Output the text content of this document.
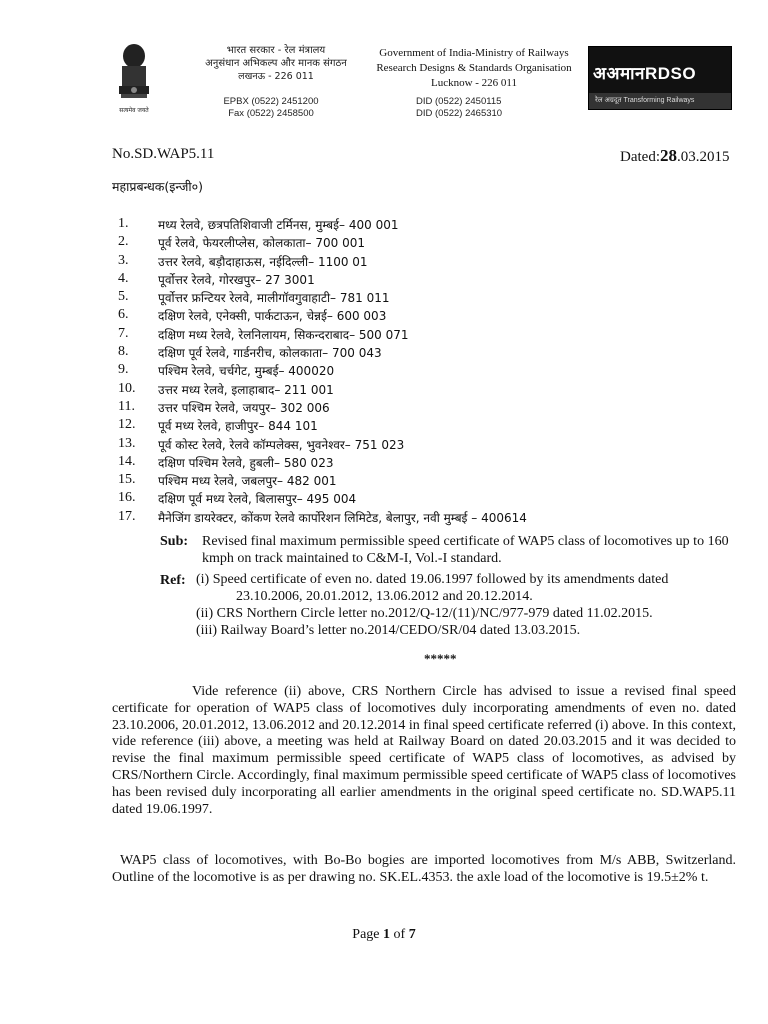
सत्यमेव जयते
भारत सरकार - रेल मंत्रालय
अनुसंधान अभिकल्प और मानक संगठन
लखनऊ - 226 011
Government of India-Ministry of Railways
Research Designs & Standards Organisation
Lucknow - 226 011
EPBX (0522) 2451200
Fax (0522) 2458500
DID (0522) 2450115
DID (0522) 2465310
अअमानRDSO
रेल अग्रदूत Transforming Railways
No.SD.WAP5.11	Dated:28.03.2015
महाप्रबन्धक(इन्जी०)
1.	मध्य रेलवे, छत्रपतिशिवाजी टर्मिनस, मुम्बई– 400 001
2.	पूर्व रेलवे, फेयरलीप्लेस, कोलकाता– 700 001
3.	उत्तर रेलवे, बड़ौदाहाऊस, नईदिल्ली– 1100 01
4.	पूर्वोत्तर रेलवे, गोरखपुर– 27 3001
5.	पूर्वोत्तर फ्रन्टियर रेलवे, मालीगॉवगुवाहाटी– 781 011
6.	दक्षिण रेलवे, एनेक्सी, पार्कटाऊन, चेन्नई– 600 003
7.	दक्षिण मध्य रेलवे, रेलनिलायम, सिकन्दराबाद– 500 071
8.	दक्षिण पूर्व रेलवे, गार्डनरीच, कोलकाता– 700 043
9.	पश्चिम रेलवे, चर्चगेट, मुम्बई– 400020
10.	उत्तर मध्य रेलवे, इलाहाबाद– 211 001
11.	उत्तर पश्चिम रेलवे, जयपुर– 302 006
12.	पूर्व मध्य रेलवे, हाजीपुर– 844 101
13.	पूर्व कोस्ट रेलवे, रेलवे कॉम्पलेक्स, भुवनेश्वर– 751 023
14.	दक्षिण पश्चिम रेलवे, हुबली– 580 023
15.	पश्चिम मध्य रेलवे, जबलपुर– 482 001
16.	दक्षिण पूर्व मध्य रेलवे, बिलासपुर– 495 004
17.	मैनेजिंग डायरेक्टर, कोंकण रेलवे कार्पोरेशन लिमिटेड, बेलापुर, नवी मुम्बई – 400614
Sub: Revised final maximum permissible speed certificate of WAP5 class of locomotives up to 160 kmph on track maintained to C&M-I, Vol.-I standard.
Ref: (i) Speed certificate of even no. dated 19.06.1997 followed by its amendments dated
23.10.2006, 20.01.2012, 13.06.2012 and 20.12.2014.
(ii) CRS Northern Circle letter no.2012/Q-12/(11)/NC/977-979 dated 11.02.2015.
(iii) Railway Board’s letter no.2014/CEDO/SR/04 dated 13.03.2015.
*****

Vide reference (ii) above, CRS Northern Circle has advised to issue a revised final speed certificate for operation of WAP5 class of locomotives duly incorporating amendments of even no. dated 23.10.2006, 20.01.2012, 13.06.2012 and 20.12.2014 in final speed certificate referred (i) above. In this context, vide reference (iii) above, a meeting was held at Railway Board on dated 20.03.2015 and it was decided to revise the final maximum permissible speed certificate of WAP5 class of locomotives, as advised by CRS/Northern Circle. Accordingly, final maximum permissible speed certificate of WAP5 class of locomotives has been revised duly incorporating all earlier amendments in the original speed certificate no. SD.WAP5.11 dated 19.06.1997.

WAP5 class of locomotives, with Bo-Bo bogies are imported locomotives from M/s ABB, Switzerland. Outline of the locomotive is as per drawing no. SK.EL.4353. the axle load of the locomotive is 19.5±2% t.

Page 1 of 7
